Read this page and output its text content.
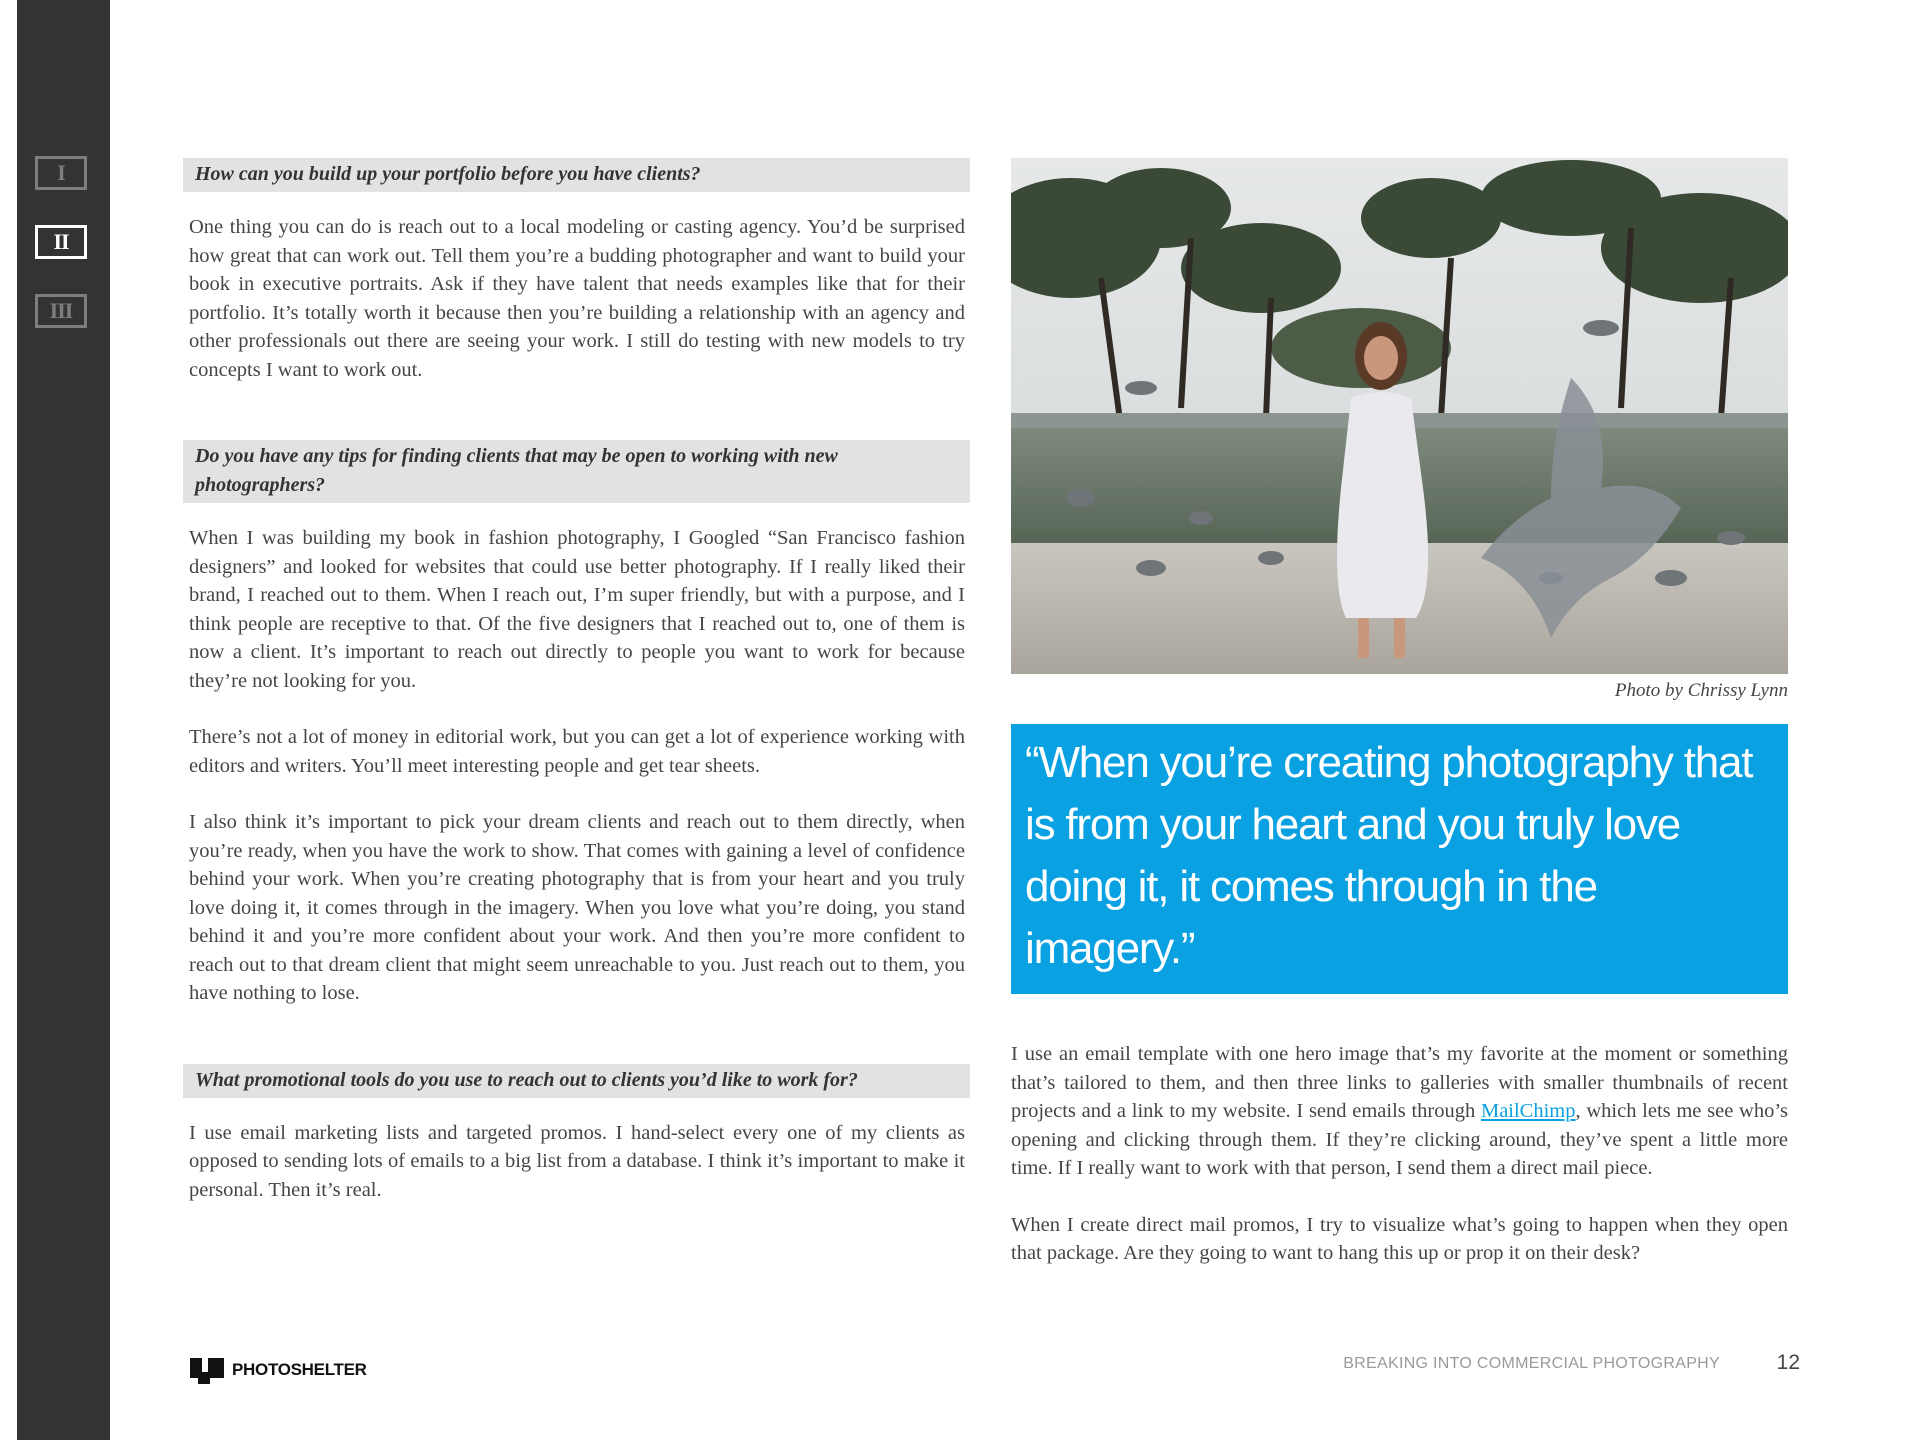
I
II
III
How can you build up your portfolio before you have clients?

One thing you can do is reach out to a local modeling or casting agency. You’d be surprised how great that can work out. Tell them you’re a budding photographer and want to build your book in executive portraits. Ask if they have talent that needs examples like that for their portfolio. It’s totally worth it because then you’re building a relationship with an agency and other professionals out there are seeing your work. I still do testing with new models to try concepts I want to work out.

Do you have any tips for finding clients that may be open to working with new photographers?

When I was building my book in fashion photography, I Googled “San Francisco fashion designers” and looked for websites that could use better photography. If I really liked their brand, I reached out to them. When I reach out, I’m super friendly, but with a purpose, and I think people are receptive to that. Of the five designers that I reached out to, one of them is now a client. It’s important to reach out directly to people you want to work for because they’re not looking for you.

There’s not a lot of money in editorial work, but you can get a lot of experience working with editors and writers. You’ll meet interesting people and get tear sheets.

I also think it’s important to pick your dream clients and reach out to them directly, when you’re ready, when you have the work to show. That comes with gaining a level of confidence behind your work. When you’re creating photography that is from your heart and you truly love doing it, it comes through in the imagery. When you love what you’re doing, you stand behind it and you’re more confident about your work. And then you’re more confident to reach out to that dream client that might seem unreachable to you. Just reach out to them, you have nothing to lose.

What promotional tools do you use to reach out to clients you’d like to work for?

I use email marketing lists and targeted promos. I hand-select every one of my clients as opposed to sending lots of emails to a big list from a database. I think it’s important to make it personal. Then it’s real.

Photo by Chrissy Lynn
“When you’re creating photography that is from your heart and you truly love doing it, it comes through in the imagery.”

I use an email template with one hero image that’s my favorite at the moment or something that’s tailored to them, and then three links to galleries with smaller thumbnails of recent projects and a link to my website. I send emails through MailChimp, which lets me see who’s opening and clicking through them. If they’re clicking around, they’ve spent a little more time. If I really want to work with that person, I send them a direct mail piece.

When I create direct mail promos, I try to visualize what’s going to happen when they open that package. Are they going to want to hang this up or prop it on their desk?

PHOTOSHELTER	BREAKING INTO COMMERCIAL PHOTOGRAPHY	12
